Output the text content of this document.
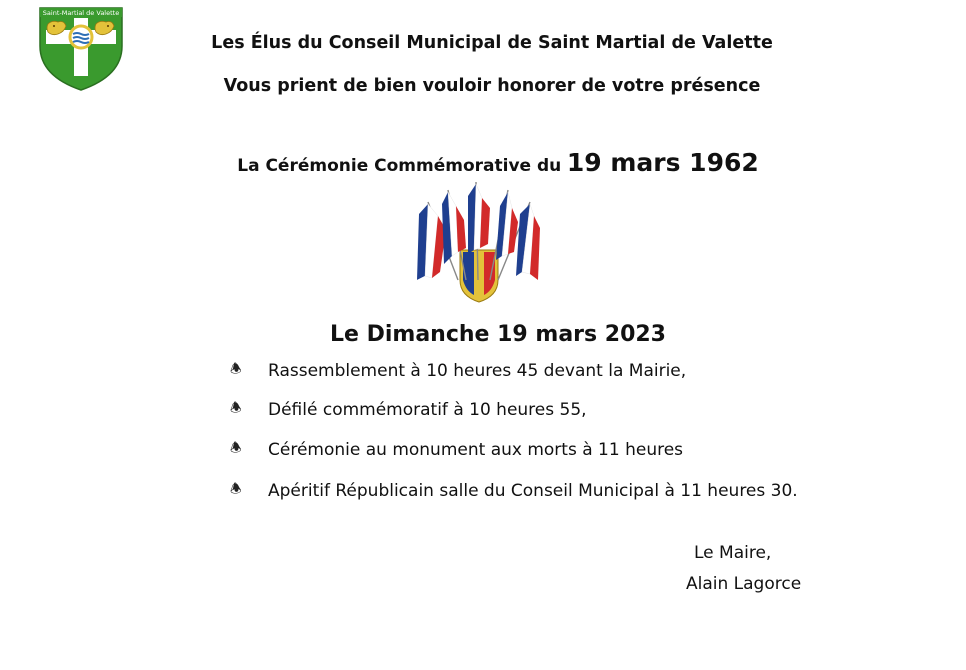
Saint-Martial de Valette
Les Élus du Conseil Municipal de Saint Martial de Valette
Vous prient de bien vouloir honorer de votre présence
La Cérémonie Commémorative du 19 mars 1962
Le Dimanche 19 mars 2023
🕭 Rassemblement à 10 heures 45 devant la Mairie,
🕭 Défilé commémoratif à 10 heures 55,
🕭 Cérémonie au monument aux morts à 11 heures
🕭 Apéritif Républicain salle du Conseil Municipal à 11 heures 30.
Le Maire,
Alain Lagorce
